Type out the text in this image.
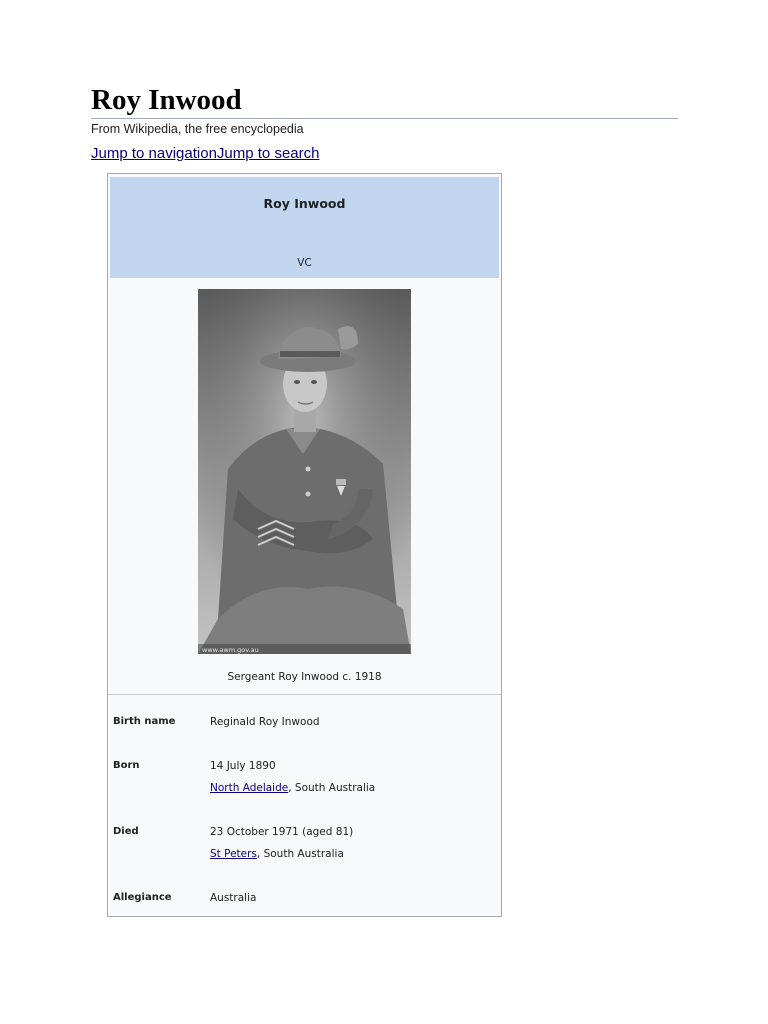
Roy Inwood
From Wikipedia, the free encyclopedia
Jump to navigationJump to search
Roy Inwood
VC
www.awm.gov.au
Sergeant Roy Inwood c. 1918
Birth name	Reginald Roy Inwood
Born	14 July 1890
North Adelaide, South Australia
Died	23 October 1971 (aged 81)
St Peters, South Australia
Allegiance	Australia
